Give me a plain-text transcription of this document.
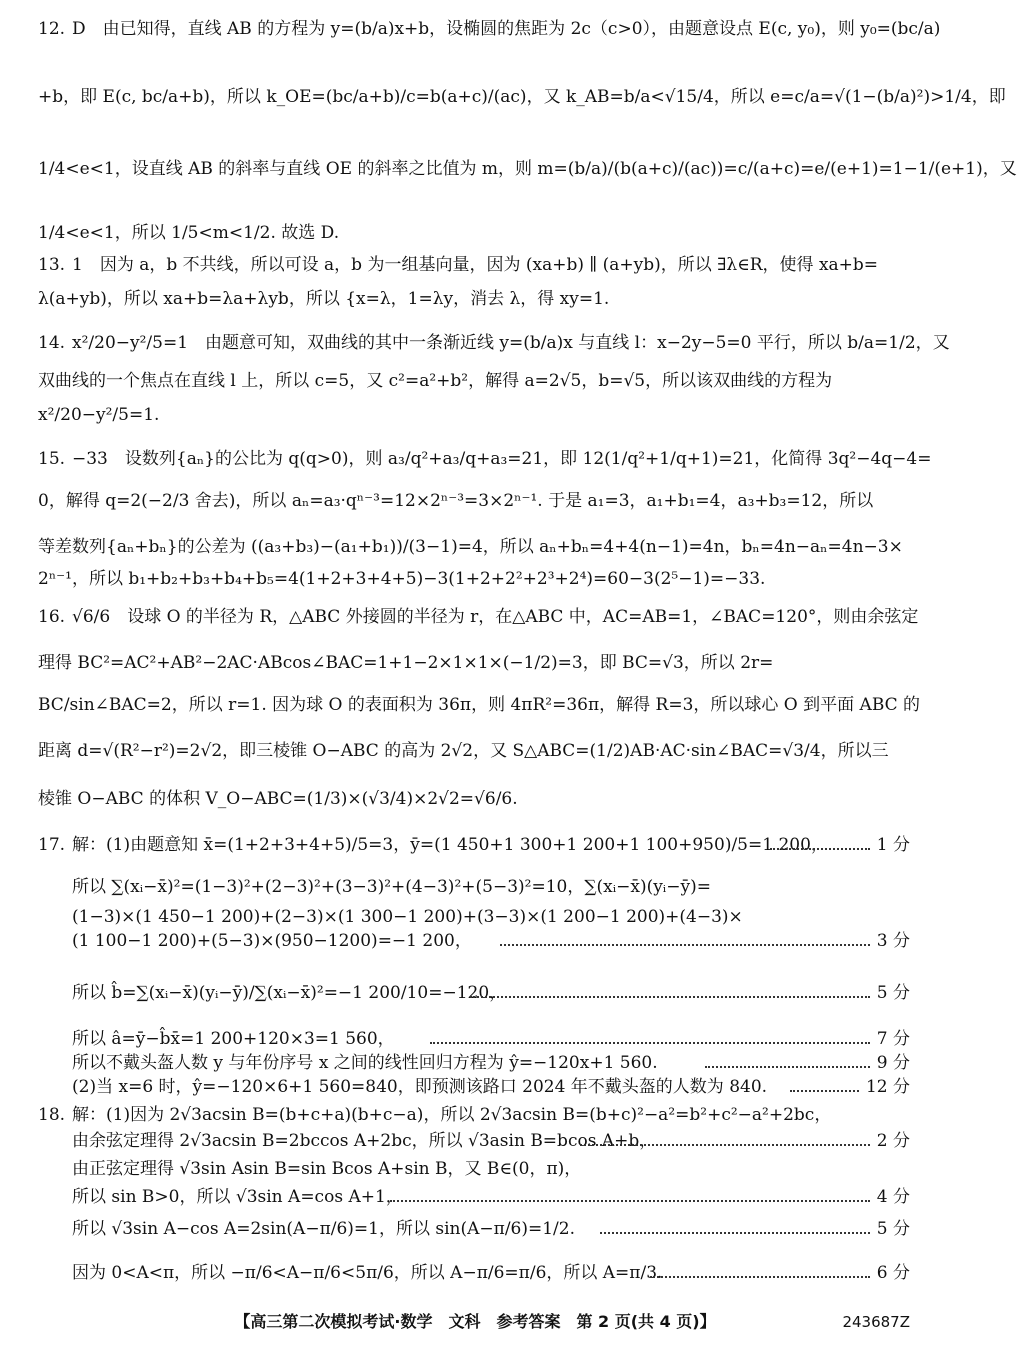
12. D　由已知得，直线 AB 的方程为 y=(b/a)x+b，设椭圆的焦距为 2c（c>0），由题意设点 E(c, y₀)，则 y₀=(bc/a)
+b，即 E(c, bc/a+b)，所以 k_OE=(bc/a+b)/c=b(a+c)/(ac)，又 k_AB=b/a<√15/4，所以 e=c/a=√(1−(b/a)²)>1/4，即
1/4<e<1，设直线 AB 的斜率与直线 OE 的斜率之比值为 m，则 m=(b/a)/(b(a+c)/(ac))=c/(a+c)=e/(e+1)=1−1/(e+1)，又
1/4<e<1，所以 1/5<m<1/2. 故选 D.
13. 1　因为 a，b 不共线，所以可设 a，b 为一组基向量，因为 (xa+b) ∥ (a+yb)，所以 ∃λ∈R，使得 xa+b=
λ(a+yb)，所以 xa+b=λa+λyb，所以 {x=λ，1=λy，消去 λ，得 xy=1.
14. x²/20−y²/5=1　由题意可知，双曲线的其中一条渐近线 y=(b/a)x 与直线 l：x−2y−5=0 平行，所以 b/a=1/2，又
双曲线的一个焦点在直线 l 上，所以 c=5，又 c²=a²+b²，解得 a=2√5，b=√5，所以该双曲线的方程为
x²/20−y²/5=1.
15. −33　设数列{aₙ}的公比为 q(q>0)，则 a₃/q²+a₃/q+a₃=21，即 12(1/q²+1/q+1)=21，化简得 3q²−4q−4=
0，解得 q=2(−2/3 舍去)，所以 aₙ=a₃·qⁿ⁻³=12×2ⁿ⁻³=3×2ⁿ⁻¹. 于是 a₁=3，a₁+b₁=4，a₃+b₃=12，所以
等差数列{aₙ+bₙ}的公差为 ((a₃+b₃)−(a₁+b₁))/(3−1)=4，所以 aₙ+bₙ=4+4(n−1)=4n，bₙ=4n−aₙ=4n−3×
2ⁿ⁻¹，所以 b₁+b₂+b₃+b₄+b₅=4(1+2+3+4+5)−3(1+2+2²+2³+2⁴)=60−3(2⁵−1)=−33.
16. √6/6　设球 O 的半径为 R，△ABC 外接圆的半径为 r，在△ABC 中，AC=AB=1，∠BAC=120°，则由余弦定
理得 BC²=AC²+AB²−2AC·ABcos∠BAC=1+1−2×1×1×(−1/2)=3，即 BC=√3，所以 2r=
BC/sin∠BAC=2，所以 r=1. 因为球 O 的表面积为 36π，则 4πR²=36π，解得 R=3，所以球心 O 到平面 ABC 的
距离 d=√(R²−r²)=2√2，即三棱锥 O−ABC 的高为 2√2，又 S△ABC=(1/2)AB·AC·sin∠BAC=√3/4，所以三
棱锥 O−ABC 的体积 V_O−ABC=(1/3)×(√3/4)×2√2=√6/6.
17. 解：(1)由题意知 x̄=(1+2+3+4+5)/5=3，ȳ=(1 450+1 300+1 200+1 100+950)/5=1 200，
所以 ∑(xᵢ−x̄)²=(1−3)²+(2−3)²+(3−3)²+(4−3)²+(5−3)²=10，∑(xᵢ−x̄)(yᵢ−ȳ)=
(1−3)×(1 450−1 200)+(2−3)×(1 300−1 200)+(3−3)×(1 200−1 200)+(4−3)×
(1 100−1 200)+(5−3)×(950−1200)=−1 200，
所以 b̂=∑(xᵢ−x̄)(yᵢ−ȳ)/∑(xᵢ−x̄)²=−1 200/10=−120，
所以 â=ȳ−b̂x̄=1 200+120×3=1 560，
所以不戴头盔人数 y 与年份序号 x 之间的线性回归方程为 ŷ=−120x+1 560.
(2)当 x=6 时，ŷ=−120×6+1 560=840，即预测该路口 2024 年不戴头盔的人数为 840.
18. 解：(1)因为 2√3acsin B=(b+c+a)(b+c−a)，所以 2√3acsin B=(b+c)²−a²=b²+c²−a²+2bc，
由余弦定理得 2√3acsin B=2bccos A+2bc，所以 √3asin B=bcos A+b，
由正弦定理得 √3sin Asin B=sin Bcos A+sin B，又 B∈(0，π)，
所以 sin B>0，所以 √3sin A=cos A+1，
所以 √3sin A−cos A=2sin(A−π/6)=1，所以 sin(A−π/6)=1/2.
因为 0<A<π，所以 −π/6<A−π/6<5π/6，所以 A−π/6=π/6，所以 A=π/3.
1 分
3 分
5 分
7 分
9 分
12 分
2 分
4 分
5 分
6 分
【高三第二次模拟考试·数学　文科　参考答案　第 2 页(共 4 页)】	243687Z
